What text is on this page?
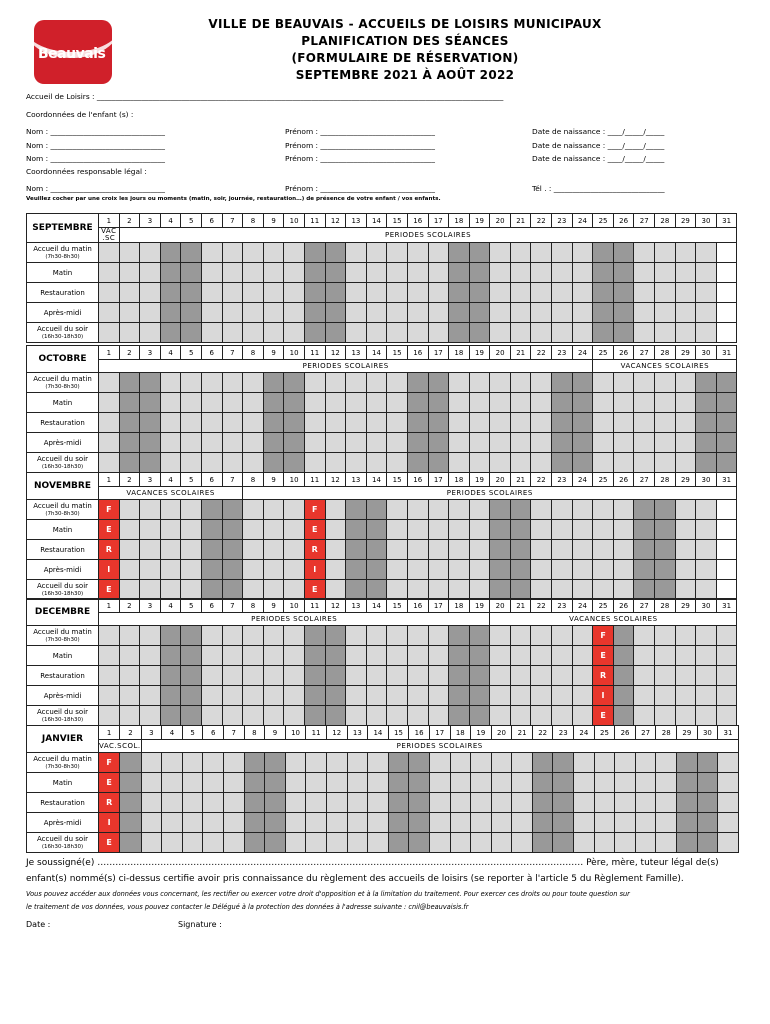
Beauvais
VILLE DE BEAUVAIS - ACCUEILS DE LOISIRS MUNICIPAUX
PLANIFICATION DES SÉANCES
(FORMULAIRE DE RÉSERVATION)
SEPTEMBRE 2021 À AOÛT 2022
Accueil de Loisirs : ______________________________________________________________________________________________________________
Coordonnées de l'enfant (s) :
Nom : _______________________________	Prénom : _______________________________	Date de naissance : ____/_____/_____
Nom : _______________________________	Prénom : _______________________________	Date de naissance : ____/_____/_____
Nom : _______________________________	Prénom : _______________________________	Date de naissance : ____/_____/_____
Coordonnées responsable légal :
Nom : _______________________________	Prénom : _______________________________	Tél . : ______________________________
Veuillez cocher par une croix les jours ou moments (matin, soir, journée, restauration…) de présence de votre enfant / vos enfants.
SEPTEMBRE	1	2	3	4	5	6	7	8	9	10	11	12	13	14	15	16	17	18	19	20	21	22	23	24	25	26	27	28	29	30	31
	VAC .SC	PERIODES SCOLAIRES																													
Accueil du matin
(7h30-8h30)																															

Matin																															
Restauration																															
Après-midi																															
Accueil du soir
(16h30-18h30)																															

OCTOBRE	1	2	3	4	5	6	7	8	9	10	11	12	13	14	15	16	17	18	19	20	21	22	23	24	25	26	27	28	29	30	31
	PERIODES SCOLAIRES																								VACANCES SCOLAIRES						
Accueil du matin
(7h30-8h30)																															

Matin																															
Restauration																															
Après-midi																															
Accueil du soir
(16h30-18h30)																															

NOVEMBRE	1	2	3	4	5	6	7	8	9	10	11	12	13	14	15	16	17	18	19	20	21	22	23	24	25	26	27	28	29	30	31
	VACANCES SCOLAIRES							PERIODES SCOLAIRES																							
Accueil du matin
(7h30-8h30)	F										F																				
Matin	E										E																				
Restauration	R										R																				
Après-midi	I										I																				
Accueil du soir
(16h30-18h30)	E										E																				
DECEMBRE	1	2	3	4	5	6	7	8	9	10	11	12	13	14	15	16	17	18	19	20	21	22	23	24	25	26	27	28	29	30	31
	PERIODES SCOLAIRES																			VACANCES SCOLAIRES											
Accueil du matin
(7h30-8h30)																									F						
Matin																									E						
Restauration																									R						
Après-midi																									I						
Accueil du soir
(16h30-18h30)																									E						
JANVIER	1	2	3	4	5	6	7	8	9	10	11	12	13	14	15	16	17	18	19	20	21	22	23	24	25	26	27	28	29	30	31
	VAC.SCOL.		PERIODES SCOLAIRES																												
Accueil du matin
(7h30-8h30)	F																														
Matin	E																														
Restauration	R																														
Après-midi	I																														
Accueil du soir
(16h30-18h30)	E																														
Je soussigné(e) ……………………………………………………………………………………………………………………………………………… Père, mère, tuteur légal de(s)
enfant(s) nommé(s) ci-dessus certifie avoir pris connaissance du règlement des accueils de loisirs (se reporter à l'article 5 du Règlement Famille).
Vous pouvez accéder aux données vous concernant, les rectifier ou exercer votre droit d'opposition et à la limitation du traitement. Pour exercer ces droits ou pour toute question sur
le traitement de vos données, vous pouvez contacter le Délégué à la protection des données à l'adresse suivante : cnil@beauvaisis.fr
Date :	Signature :
